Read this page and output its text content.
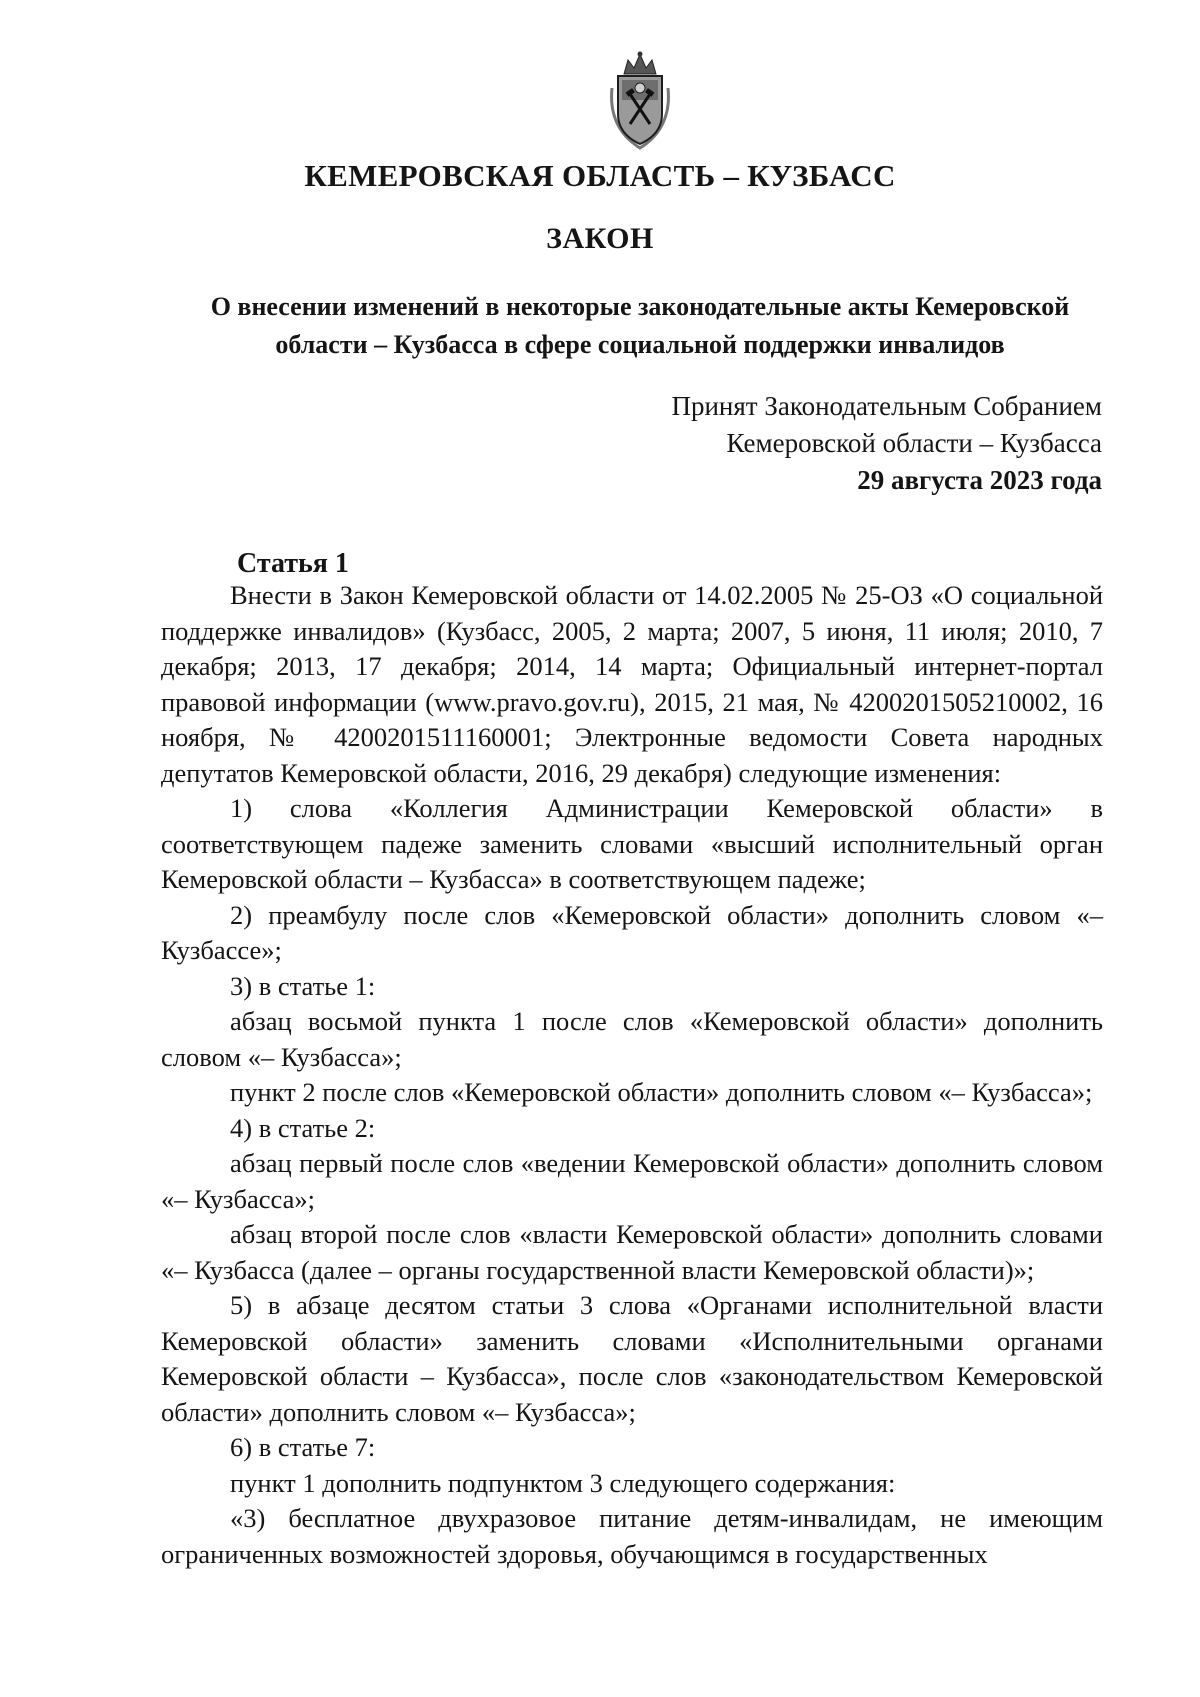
КЕМЕРОВСКАЯ ОБЛАСТЬ – КУЗБАСС
ЗАКОН
О внесении изменений в некоторые законодательные акты Кемеровской области – Кузбасса в сфере социальной поддержки инвалидов
Принят Законодательным Собранием
Кемеровской области – Кузбасса
29 августа 2023 года
Статья 1

Внести в Закон Кемеровской области от 14.02.2005 № 25-ОЗ «О социальной поддержке инвалидов» (Кузбасс, 2005, 2 марта; 2007, 5 июня, 11 июля; 2010, 7 декабря; 2013, 17 декабря; 2014, 14 марта; Официальный интернет-портал правовой информации (www.pravo.gov.ru), 2015, 21 мая, № 4200201505210002, 16 ноября, № 4200201511160001; Электронные ведомости Совета народных депутатов Кемеровской области, 2016, 29 декабря) следующие изменения:

1) слова «Коллегия Администрации Кемеровской области» в соответствующем падеже заменить словами «высший исполнительный орган Кемеровской области – Кузбасса» в соответствующем падеже;

2) преамбулу после слов «Кемеровской области» дополнить словом «– Кузбассе»;

3) в статье 1:

абзац восьмой пункта 1 после слов «Кемеровской области» дополнить словом «– Кузбасса»;

пункт 2 после слов «Кемеровской области» дополнить словом «– Кузбасса»;

4) в статье 2:

абзац первый после слов «ведении Кемеровской области» дополнить словом «– Кузбасса»;

абзац второй после слов «власти Кемеровской области» дополнить словами «– Кузбасса (далее – органы государственной власти Кемеровской области)»;

5) в абзаце десятом статьи 3 слова «Органами исполнительной власти Кемеровской области» заменить словами «Исполнительными органами Кемеровской области – Кузбасса», после слов «законодательством Кемеровской области» дополнить словом «– Кузбасса»;

6) в статье 7:

пункт 1 дополнить подпунктом 3 следующего содержания:

«3) бесплатное двухразовое питание детям-инвалидам, не имеющим ограниченных возможностей здоровья, обучающимся в государственных
